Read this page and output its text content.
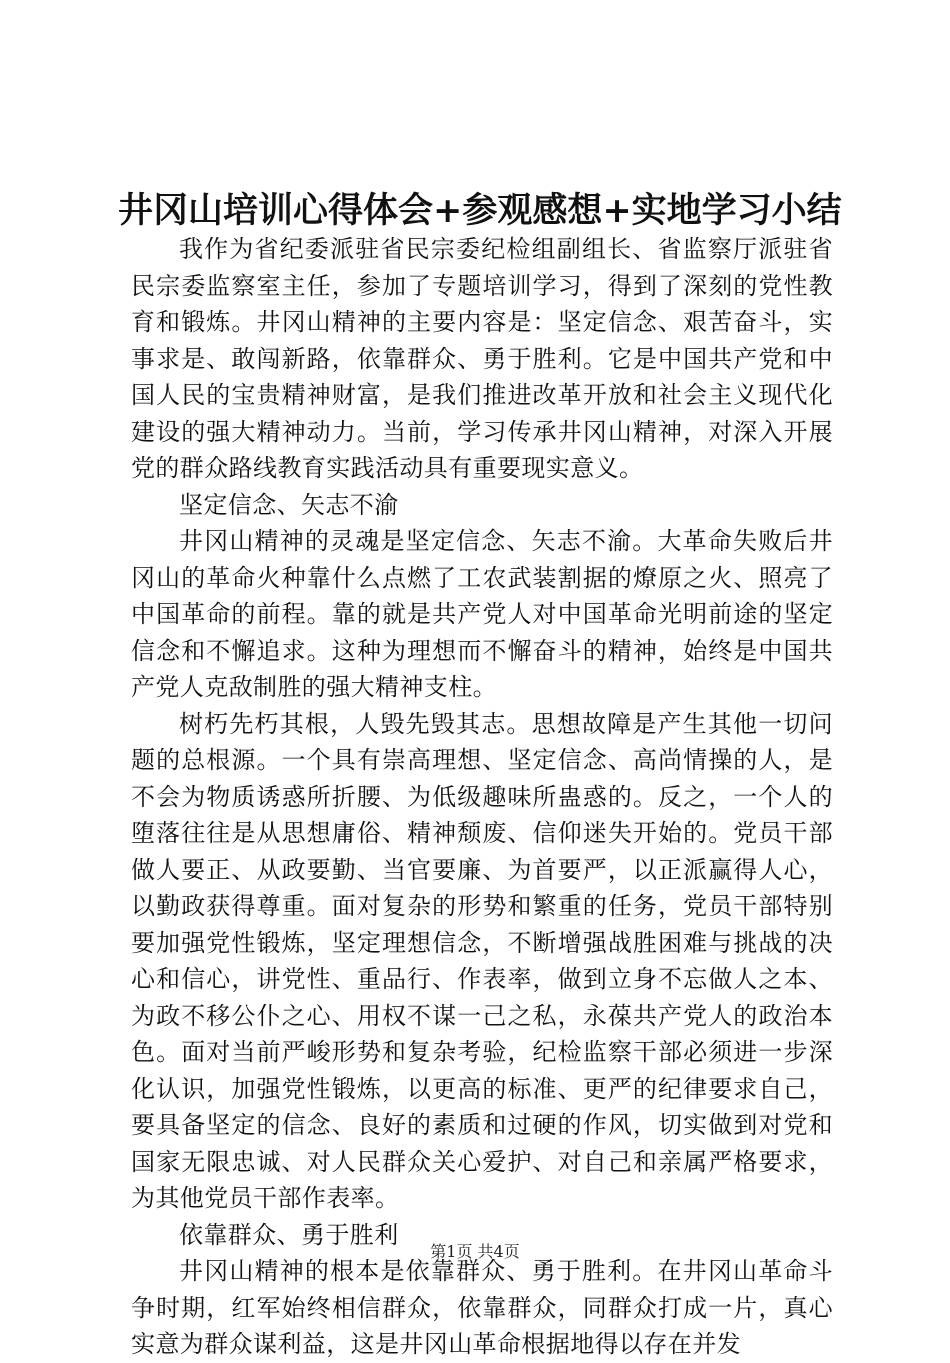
井冈山培训心得体会+参观感想+实地学习小结

我作为省纪委派驻省民宗委纪检组副组长、省监察厅派驻省民宗委监察室主任，参加了专题培训学习，得到了深刻的党性教育和锻炼。井冈山精神的主要内容是：坚定信念、艰苦奋斗，实事求是、敢闯新路，依靠群众、勇于胜利。它是中国共产党和中国人民的宝贵精神财富，是我们推进改革开放和社会主义现代化建设的强大精神动力。当前，学习传承井冈山精神，对深入开展党的群众路线教育实践活动具有重要现实意义。

坚定信念、矢志不渝

井冈山精神的灵魂是坚定信念、矢志不渝。大革命失败后井冈山的革命火种靠什么点燃了工农武装割据的燎原之火、照亮了中国革命的前程。靠的就是共产党人对中国革命光明前途的坚定信念和不懈追求。这种为理想而不懈奋斗的精神，始终是中国共产党人克敌制胜的强大精神支柱。

树朽先朽其根，人毁先毁其志。思想故障是产生其他一切问题的总根源。一个具有崇高理想、坚定信念、高尚情操的人，是不会为物质诱惑所折腰、为低级趣味所蛊惑的。反之，一个人的堕落往往是从思想庸俗、精神颓废、信仰迷失开始的。党员干部做人要正、从政要勤、当官要廉、为首要严，以正派赢得人心，以勤政获得尊重。面对复杂的形势和繁重的任务，党员干部特别要加强党性锻炼，坚定理想信念，不断增强战胜困难与挑战的决心和信心，讲党性、重品行、作表率，做到立身不忘做人之本、为政不移公仆之心、用权不谋一己之私，永葆共产党人的政治本色。面对当前严峻形势和复杂考验，纪检监察干部必须进一步深化认识，加强党性锻炼，以更高的标准、更严的纪律要求自己，要具备坚定的信念、良好的素质和过硬的作风，切实做到对党和国家无限忠诚、对人民群众关心爱护、对自己和亲属严格要求，为其他党员干部作表率。

依靠群众、勇于胜利

井冈山精神的根本是依靠群众、勇于胜利。在井冈山革命斗争时期，红军始终相信群众，依靠群众，同群众打成一片，真心实意为群众谋利益，这是井冈山革命根据地得以存在并发

第1页 共4页
